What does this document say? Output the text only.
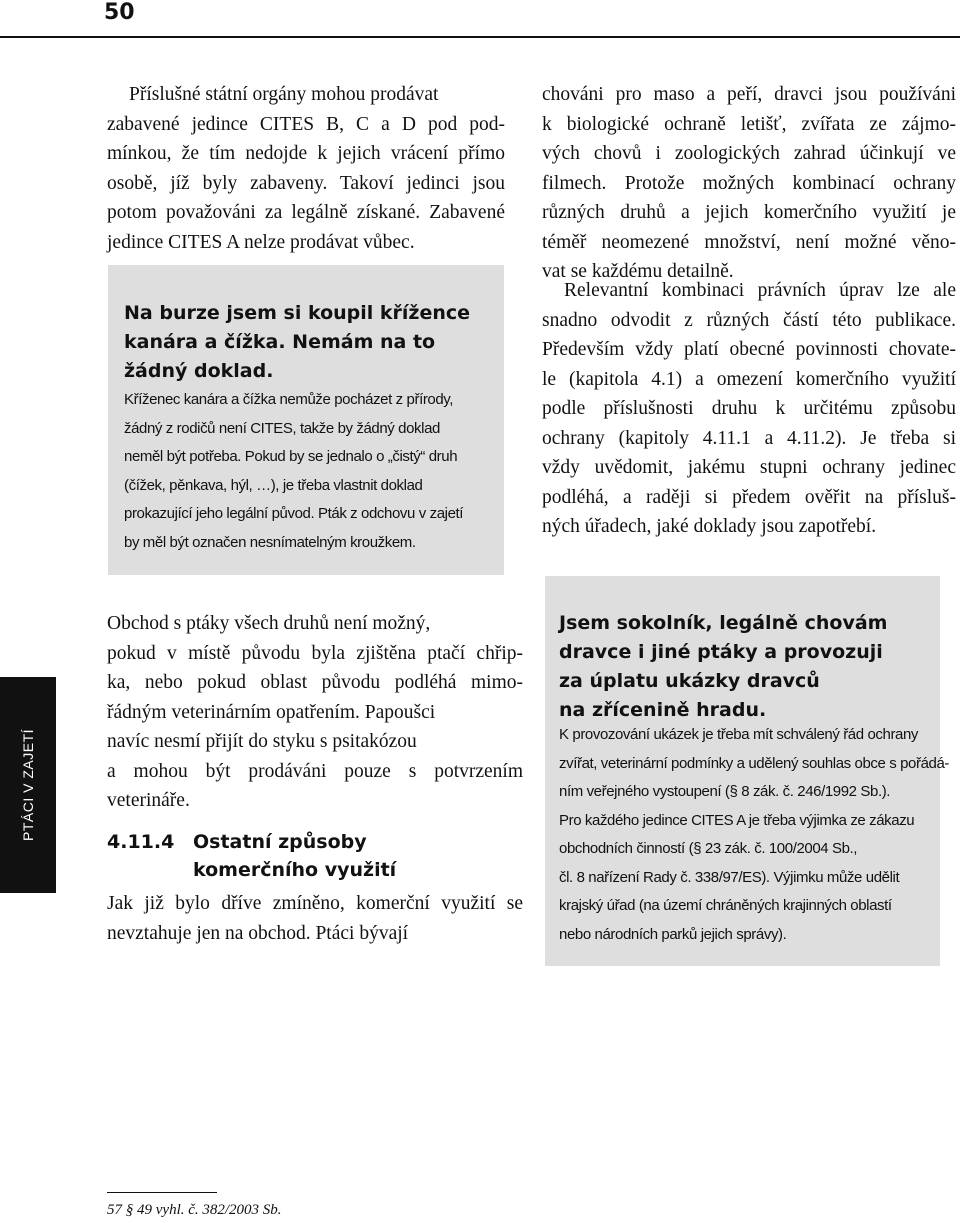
50
Příslušné státní orgány mohou prodávat
zabavené jedince CITES B, C a D pod pod-
mínkou, že tím nedojde k jejich vrácení přímo
osobě, jíž byly zabaveny. Takoví jedinci jsou
potom považováni za legálně získané. Zabavené
jedince CITES A nelze prodávat vůbec.
Na burze jsem si koupil křížence
kanára a čížka. Nemám na to
žádný doklad.
Kříženec kanára a čížka nemůže pocházet z přírody,
žádný z rodičů není CITES, takže by žádný doklad
neměl být potřeba. Pokud by se jednalo o „čistý“ druh
(čížek, pěnkava, hýl, …), je třeba vlastnit doklad
prokazující jeho legální původ. Pták z odchovu v zajetí
by měl být označen nesnímatelným kroužkem.
chováni pro maso a peří, dravci jsou používáni
k biologické ochraně letišť, zvířata ze zájmo-
vých chovů i zoologických zahrad účinkují ve
filmech. Protože možných kombinací ochrany
různých druhů a jejich komerčního využití je
téměř neomezené množství, není možné věno-
vat se každému detailně.
Relevantní kombinaci právních úprav lze ale
snadno odvodit z různých částí této publikace.
Především vždy platí obecné povinnosti chovate-
le (kapitola 4.1) a omezení komerčního využití
podle příslušnosti druhu k určitému způsobu
ochrany (kapitoly 4.11.1 a 4.11.2). Je třeba si
vždy uvědomit, jakému stupni ochrany jedinec
podléhá, a raději si předem ověřit na přísluš-
ných úřadech, jaké doklady jsou zapotřebí.
PTÁCI V ZAJETÍ
Obchod s ptáky všech druhů není možný,
pokud v místě původu byla zjištěna ptačí chřip-
ka, nebo pokud oblast původu podléhá mimo-
řádným veterinárním opatřením. Papoušci
navíc nesmí přijít do styku s psitakózou
a mohou být prodáváni pouze s potvrzením
veterináře.
4.11.4 Ostatní způsoby
komerčního využití
Jak již bylo dříve zmíněno, komerční využití se
nevztahuje jen na obchod. Ptáci bývají
Jsem sokolník, legálně chovám
dravce i jiné ptáky a provozuji
za úplatu ukázky dravců
na zřícenině hradu.
K provozování ukázek je třeba mít schválený řád ochrany
zvířat, veterinární podmínky a udělený souhlas obce s pořádá-
ním veřejného vystoupení (§ 8 zák. č. 246/1992 Sb.).
Pro každého jedince CITES A je třeba výjimka ze zákazu
obchodních činností (§ 23 zák. č. 100/2004 Sb.,
čl. 8 nařízení Rady č. 338/97/ES). Výjimku může udělit
krajský úřad (na území chráněných krajinných oblastí
nebo národních parků jejich správy).
57 § 49 vyhl. č. 382/2003 Sb.
